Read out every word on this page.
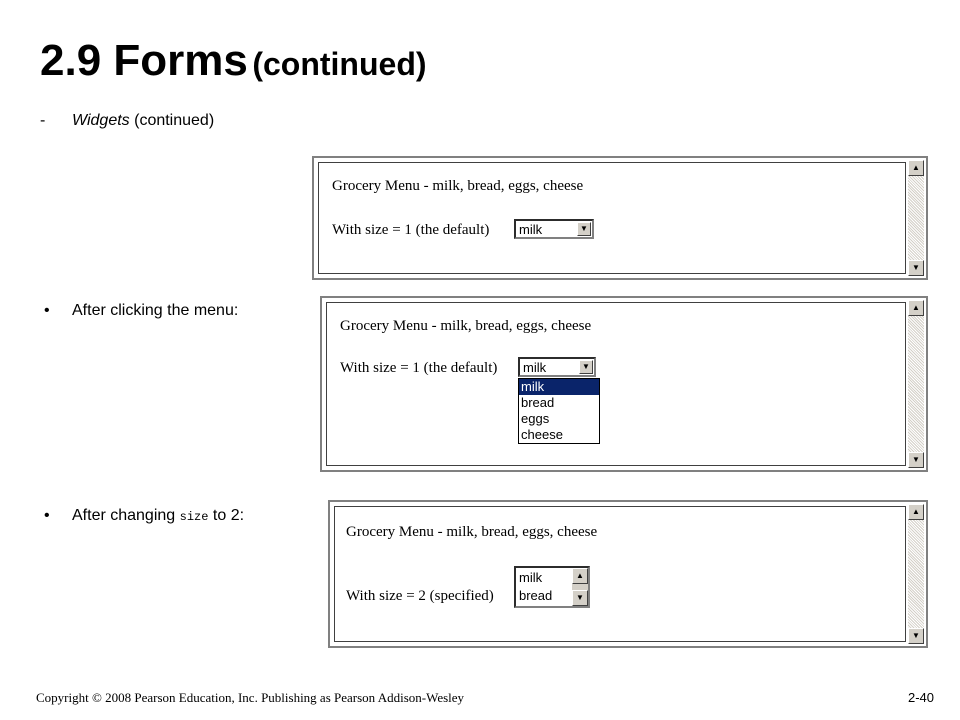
2.9 Forms (continued)
- Widgets (continued)
Grocery Menu - milk, bread, eggs, cheese
With size = 1 (the default) milk	▼
▲
▼
• After clicking the menu:
Grocery Menu - milk, bread, eggs, cheese
With size = 1 (the default) milk	▼
milk
bread
eggs
cheese
▲
▼
• After changing size to 2:
Grocery Menu - milk, bread, eggs, cheese
With size = 2 (specified)
milk
bread
▲
▼
▲
▼
Copyright © 2008 Pearson Education, Inc. Publishing as Pearson Addison-Wesley	2-40
